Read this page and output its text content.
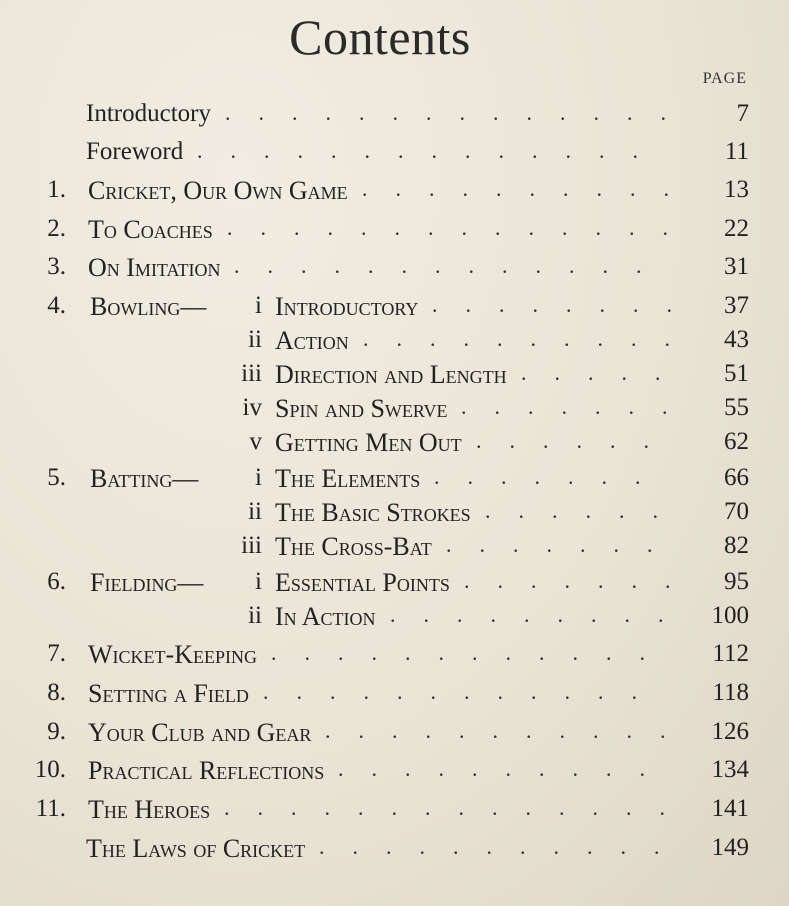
Contents
PAGE
Introductory ..............	7
Foreword ..............	11
1. Cricket, Our Own Game ..........	13
2. To Coaches ..............	22
3. On Imitation .............	31
4. Bowling—	i Introductory ........ 37
ii Action ..........	43
iii Direction and Length .....	51
iv Spin and Swerve .......	55
v Getting Men Out ......	62
5. Batting—	i The Elements .......	66
ii The Basic Strokes ......	70
iii The Cross-Bat .......	82
6. Fielding—	i Essential Points .......	95
ii In Action ......... 100
7. Wicket-Keeping ............	112
8. Setting a Field ............	118
9. Your Club and Gear ........... 126
10. Practical Reflections ..........	134
11. The Heroes .............. 141
The Laws of Cricket ........... 149
